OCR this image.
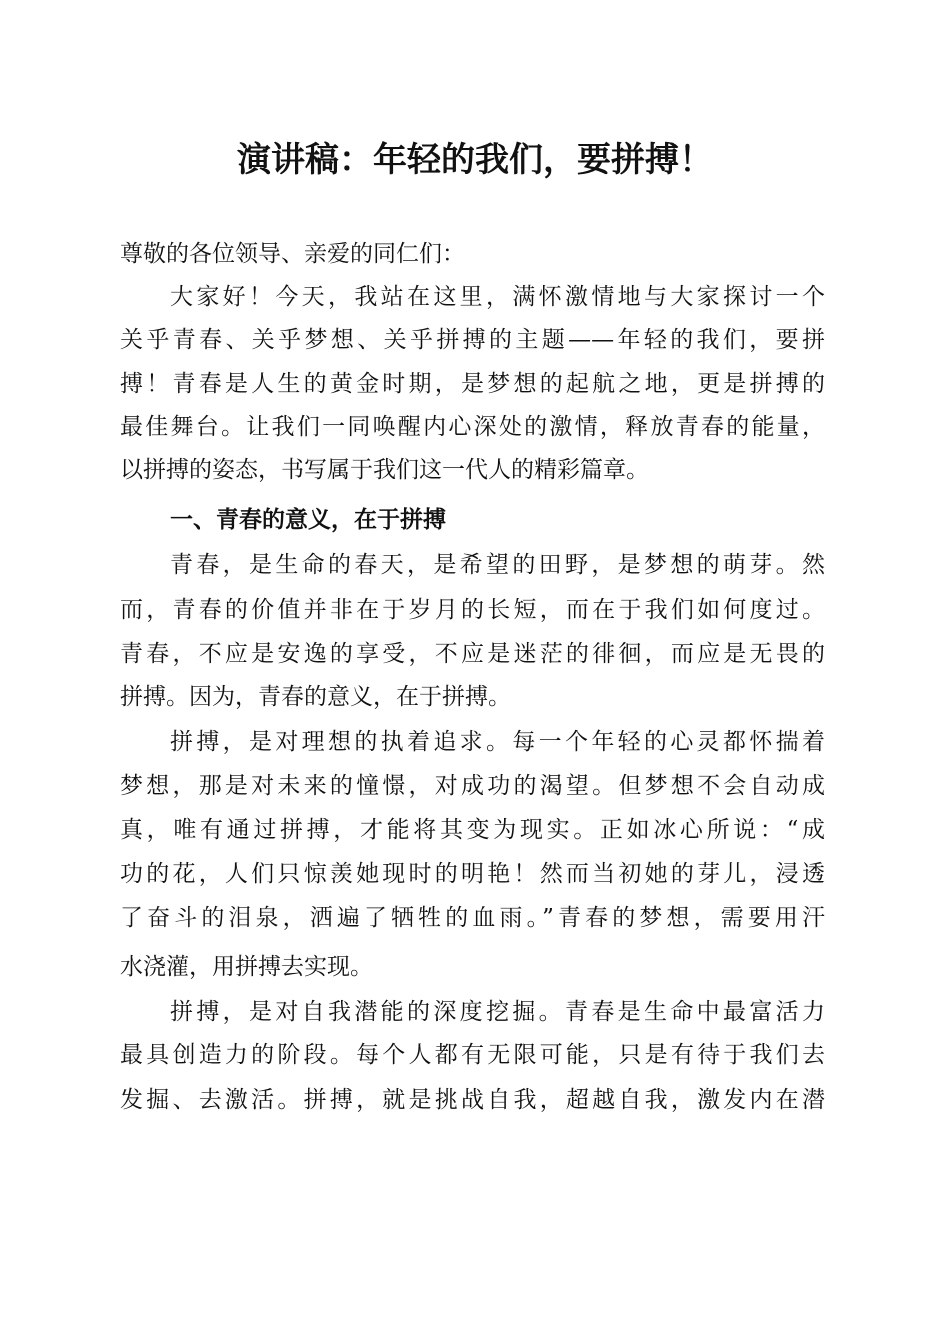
演讲稿：年轻的我们，要拼搏！
尊敬的各位领导、亲爱的同仁们：
大家好！今天，我站在这里，满怀激情地与大家探讨一个
关乎青春、关乎梦想、关乎拼搏的主题——年轻的我们，要拼
搏！青春是人生的黄金时期，是梦想的起航之地，更是拼搏的
最佳舞台。让我们一同唤醒内心深处的激情，释放青春的能量，
以拼搏的姿态，书写属于我们这一代人的精彩篇章。
一、青春的意义，在于拼搏
青春，是生命的春天，是希望的田野，是梦想的萌芽。然
而，青春的价值并非在于岁月的长短，而在于我们如何度过。
青春，不应是安逸的享受，不应是迷茫的徘徊，而应是无畏的
拼搏。因为，青春的意义，在于拼搏。
拼搏，是对理想的执着追求。每一个年轻的心灵都怀揣着
梦想，那是对未来的憧憬，对成功的渴望。但梦想不会自动成
真，唯有通过拼搏，才能将其变为现实。正如冰心所说：“成
功的花，人们只惊羡她现时的明艳！然而当初她的芽儿，浸透
了奋斗的泪泉，洒遍了牺牲的血雨。”青春的梦想，需要用汗
水浇灌，用拼搏去实现。
拼搏，是对自我潜能的深度挖掘。青春是生命中最富活力
最具创造力的阶段。每个人都有无限可能，只是有待于我们去
发掘、去激活。拼搏，就是挑战自我，超越自我，激发内在潜
